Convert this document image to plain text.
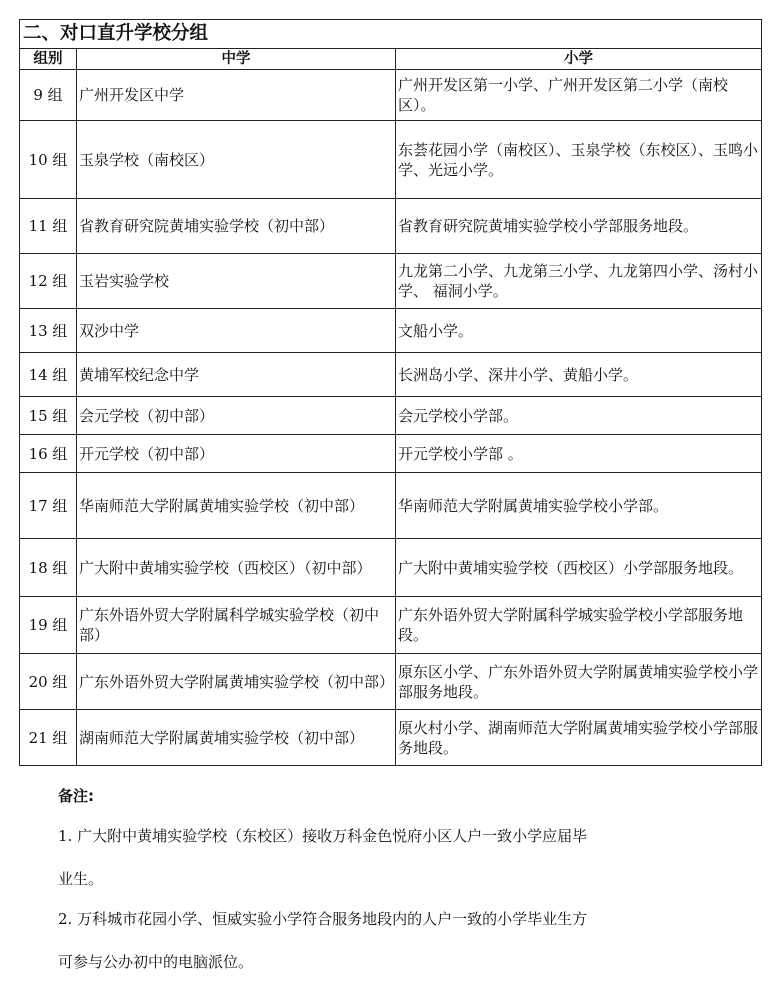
二、对口直升学校分组		
组别	中学	小学
9 组	广州开发区中学	广州开发区第一小学、广州开发区第二小学（南校区）。
10 组	玉泉学校（南校区）	东荟花园小学（南校区）、玉泉学校（东校区）、玉鸣小学、光远小学。
11 组	省教育研究院黄埔实验学校（初中部）	省教育研究院黄埔实验学校小学部服务地段。
12 组	玉岩实验学校	九龙第二小学、九龙第三小学、九龙第四小学、汤村小学、 福洞小学。
13 组	双沙中学	文船小学。
14 组	黄埔军校纪念中学	长洲岛小学、深井小学、黄船小学。
15 组	会元学校（初中部）	会元学校小学部。
16 组	开元学校（初中部）	开元学校小学部 。
17 组	华南师范大学附属黄埔实验学校（初中部）	华南师范大学附属黄埔实验学校小学部。
18 组	广大附中黄埔实验学校（西校区）（初中部）	广大附中黄埔实验学校（西校区）小学部服务地段。
19 组	广东外语外贸大学附属科学城实验学校（初中部）	广东外语外贸大学附属科学城实验学校小学部服务地段。
20 组	广东外语外贸大学附属黄埔实验学校（初中部）	原东区小学、广东外语外贸大学附属黄埔实验学校小学部服务地段。
21 组	湖南师范大学附属黄埔实验学校（初中部）	原火村小学、湖南师范大学附属黄埔实验学校小学部服务地段。
备注:
1. 广大附中黄埔实验学校（东校区）接收万科金色悦府小区人户一致小学应届毕
业生。
2. 万科城市花园小学、恒威实验小学符合服务地段内的人户一致的小学毕业生方
可参与公办初中的电脑派位。
